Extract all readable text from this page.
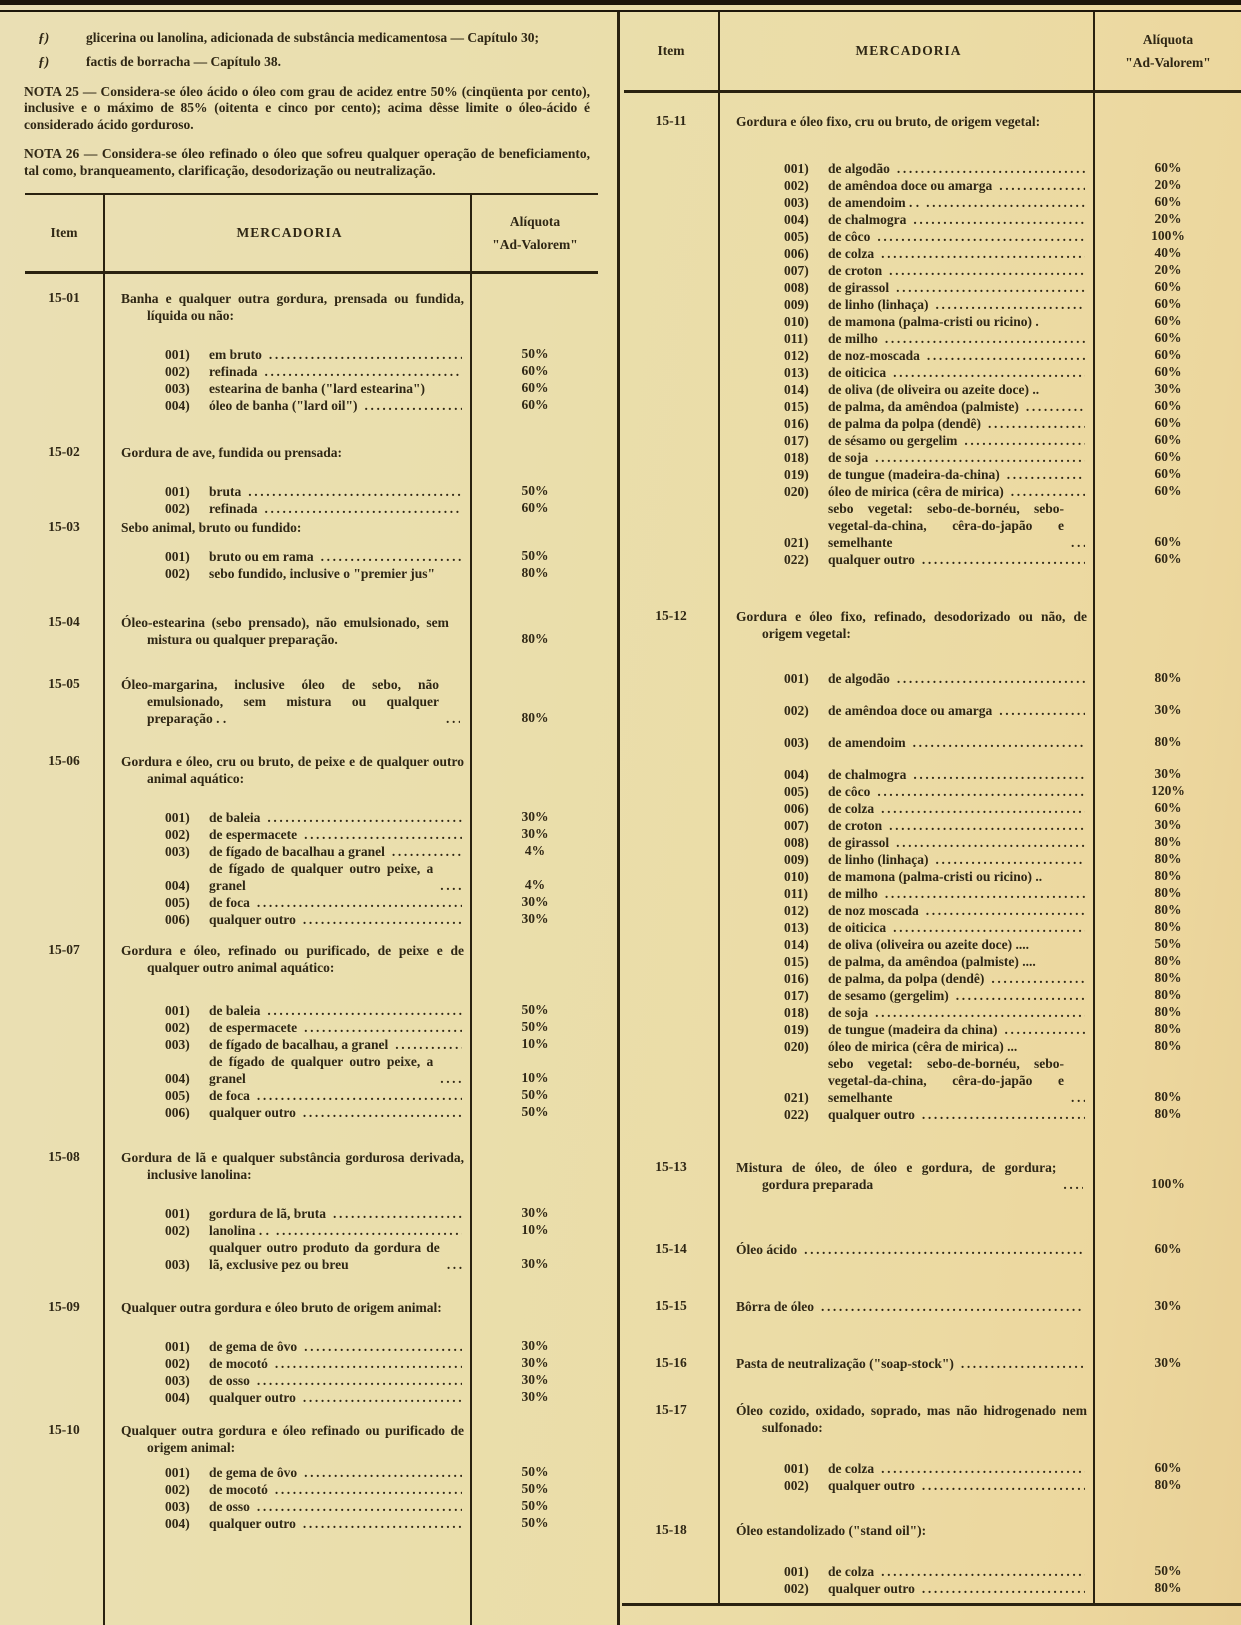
ƒ)	glicerina ou lanolina, adicionada de substância medicamentosa — Capítulo 30;
ƒ)	factis de borracha — Capítulo 38.
NOTA 25 — Considera-se óleo ácido o óleo com grau de acidez entre 50% (cinqüenta por cento), inclusive e o máximo de 85% (oitenta e cinco por cento); acima dêsse limite o óleo-ácido é considerado ácido gorduroso.
NOTA 26 — Considera-se óleo refinado o óleo que sofreu qualquer operação de beneficiamento, tal como, branqueamento, clarificação, desodorização ou neutralização.
Item	MERCADORIA
Alíquota
"Ad-Valorem"
15-01	Banha e qualquer outra gordura, prensada ou fundida, líquida ou não:
001)	em bruto .....	50%
002)	refinada .....	60%
003)	estearina de banha ("lard estearina")	60%
004)	óleo de banha ("lard oil") .....	60%
15-02	Gordura de ave, fundida ou prensada:
001)	bruta .....	50%
002)	refinada .....	60%
15-03	Sebo animal, bruto ou fundido:
001)	bruto ou em rama .....	50%
002)	sebo fundido, inclusive o "premier jus"	80%
15-04	Óleo-estearina (sebo prensado), não emulsionado, sem mistura ou qualquer preparação.	80%
15-05	Óleo-margarina, inclusive óleo de sebo, não emulsionado, sem mistura ou qualquer preparação . . .....	80%
15-06	Gordura e óleo, cru ou bruto, de peixe e de qualquer outro animal aquático:
001)	de baleia .....	30%
002)	de espermacete .....	30%
003)	de fígado de bacalhau a granel .....	4%
004)
de fígado de qualquer outro peixe, a granel .....	4%
005)	de foca .....	30%
006)	qualquer outro .....	30%
15-07	Gordura e óleo, refinado ou purificado, de peixe e de qualquer outro animal aquático:
001)	de baleia .....	50%
002)	de espermacete .....	50%
003)	de fígado de bacalhau, a granel .....	10%
004)
de fígado de qualquer outro peixe, a granel .....	10%
005)	de foca .....	50%
006)	qualquer outro .....	50%
15-08	Gordura de lã e qualquer substância gordurosa derivada, inclusive lanolina:
001)	gordura de lã, bruta .....	30%
002)	lanolina . . .....	10%
003)
qualquer outro produto da gordura de lã, exclusive pez ou breu .....	30%
15-09	Qualquer outra gordura e óleo bruto de origem animal:
001)	de gema de ôvo .....	30%
002)	de mocotó .....	30%
003)	de osso .....	30%
004)	qualquer outro .....	30%
15-10	Qualquer outra gordura e óleo refinado ou purificado de origem animal:
001)	de gema de ôvo .....	50%
002)	de mocotó .....	50%
003)	de osso .....	50%
004)	qualquer outro .....	50%
Item	MERCADORIA
Alíquota
"Ad-Valorem"
15-11	Gordura e óleo fixo, cru ou bruto, de origem vegetal:
001)	de algodão .....	60%
002)	de amêndoa doce ou amarga .....	20%
003)	de amendoim . . .....	60%
004)	de chalmogra .....	20%
005)	de côco .....	100%
006)	de colza .....	40%
007)	de croton .....	20%
008)	de girassol .....	60%
009)	de linho (linhaça) .....	60%
010)	de mamona (palma-cristi ou ricino) .	60%
011)	de milho .....	60%
012)	de noz-moscada .....	60%
013)	de oiticica .....	60%
014)	de oliva (de oliveira ou azeite doce) ..	30%
015)	de palma, da amêndoa (palmiste) .....	60%
016)	de palma da polpa (dendê) .....	60%
017)	de sésamo ou gergelim .....	60%
018)	de soja .....	60%
019)	de tungue (madeira-da-china) .....	60%
020)	óleo de mirica (cêra de mirica) .....	60%
021)
sebo vegetal: sebo-de-bornéu, sebo-vegetal-da-china, cêra-do-japão e semelhante .....	60%
022)	qualquer outro .....	60%
15-12	Gordura e óleo fixo, refinado, desodorizado ou não, de origem vegetal:
001)	de algodão .....	80%
002)	de amêndoa doce ou amarga .....	30%
003)	de amendoim .....	80%
004)	de chalmogra .....	30%
005)	de côco .....	120%
006)	de colza .....	60%
007)	de croton .....	30%
008)	de girassol .....	80%
009)	de linho (linhaça) .....	80%
010)	de mamona (palma-cristi ou ricino) ..	80%
011)	de milho .....	80%
012)	de noz moscada .....	80%
013)	de oiticica .....	80%
014)	de oliva (oliveira ou azeite doce) ....	50%
015)	de palma, da amêndoa (palmiste) ....	80%
016)	de palma, da polpa (dendê) .....	80%
017)	de sesamo (gergelim) .....	80%
018)	de soja .....	80%
019)	de tungue (madeira da china) .....	80%
020)	óleo de mirica (cêra de mirica) ...	80%
021)
sebo vegetal: sebo-de-bornéu, sebo-vegetal-da-china, cêra-do-japão e semelhante .....	80%
022)	qualquer outro .....	80%
15-13	Mistura de óleo, de óleo e gordura, de gordura; gordura preparada .....	100%
15-14	Óleo ácido .....	60%
15-15	Bôrra de óleo .....	30%
15-16	Pasta de neutralização ("soap-stock") .....	30%
15-17	Óleo cozido, oxidado, soprado, mas não hidrogenado nem sulfonado:
001)	de colza .....	60%
002)	qualquer outro .....	80%
15-18	Óleo estandolizado ("stand oil"):
001)	de colza .....	50%
002)	qualquer outro .....	80%
